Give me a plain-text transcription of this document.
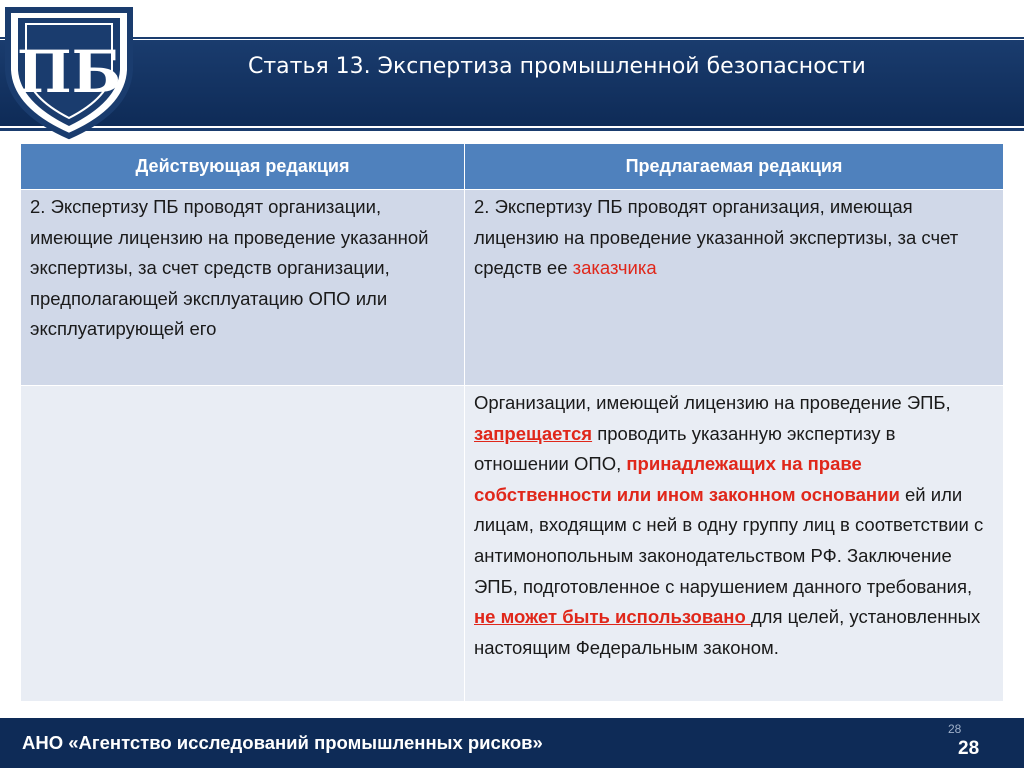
Статья 13. Экспертиза промышленной безопасности
ПБ
Действующая редакция	Предлагаемая редакция
2. Экспертизу ПБ проводят организации, имеющие лицензию на проведение указанной экспертизы, за счет средств организации, предполагающей эксплуатацию ОПО или эксплуатирующей его	2. Экспертизу ПБ проводят организация, имеющая лицензию на проведение указанной экспертизы, за счет средств ее заказчика
	Организации, имеющей лицензию на проведение ЭПБ, запрещается проводить указанную экспертизу в отношении ОПО, принадлежащих на праве собственности или ином законном основании ей или лицам, входящим с ней в одну группу лиц в соответствии с антимонопольным законодательством РФ. Заключение ЭПБ, подготовленное с нарушением данного требования, не может быть использовано для целей, установленных настоящим Федеральным законом.
АНО «Агентство исследований промышленных рисков»
28
28
